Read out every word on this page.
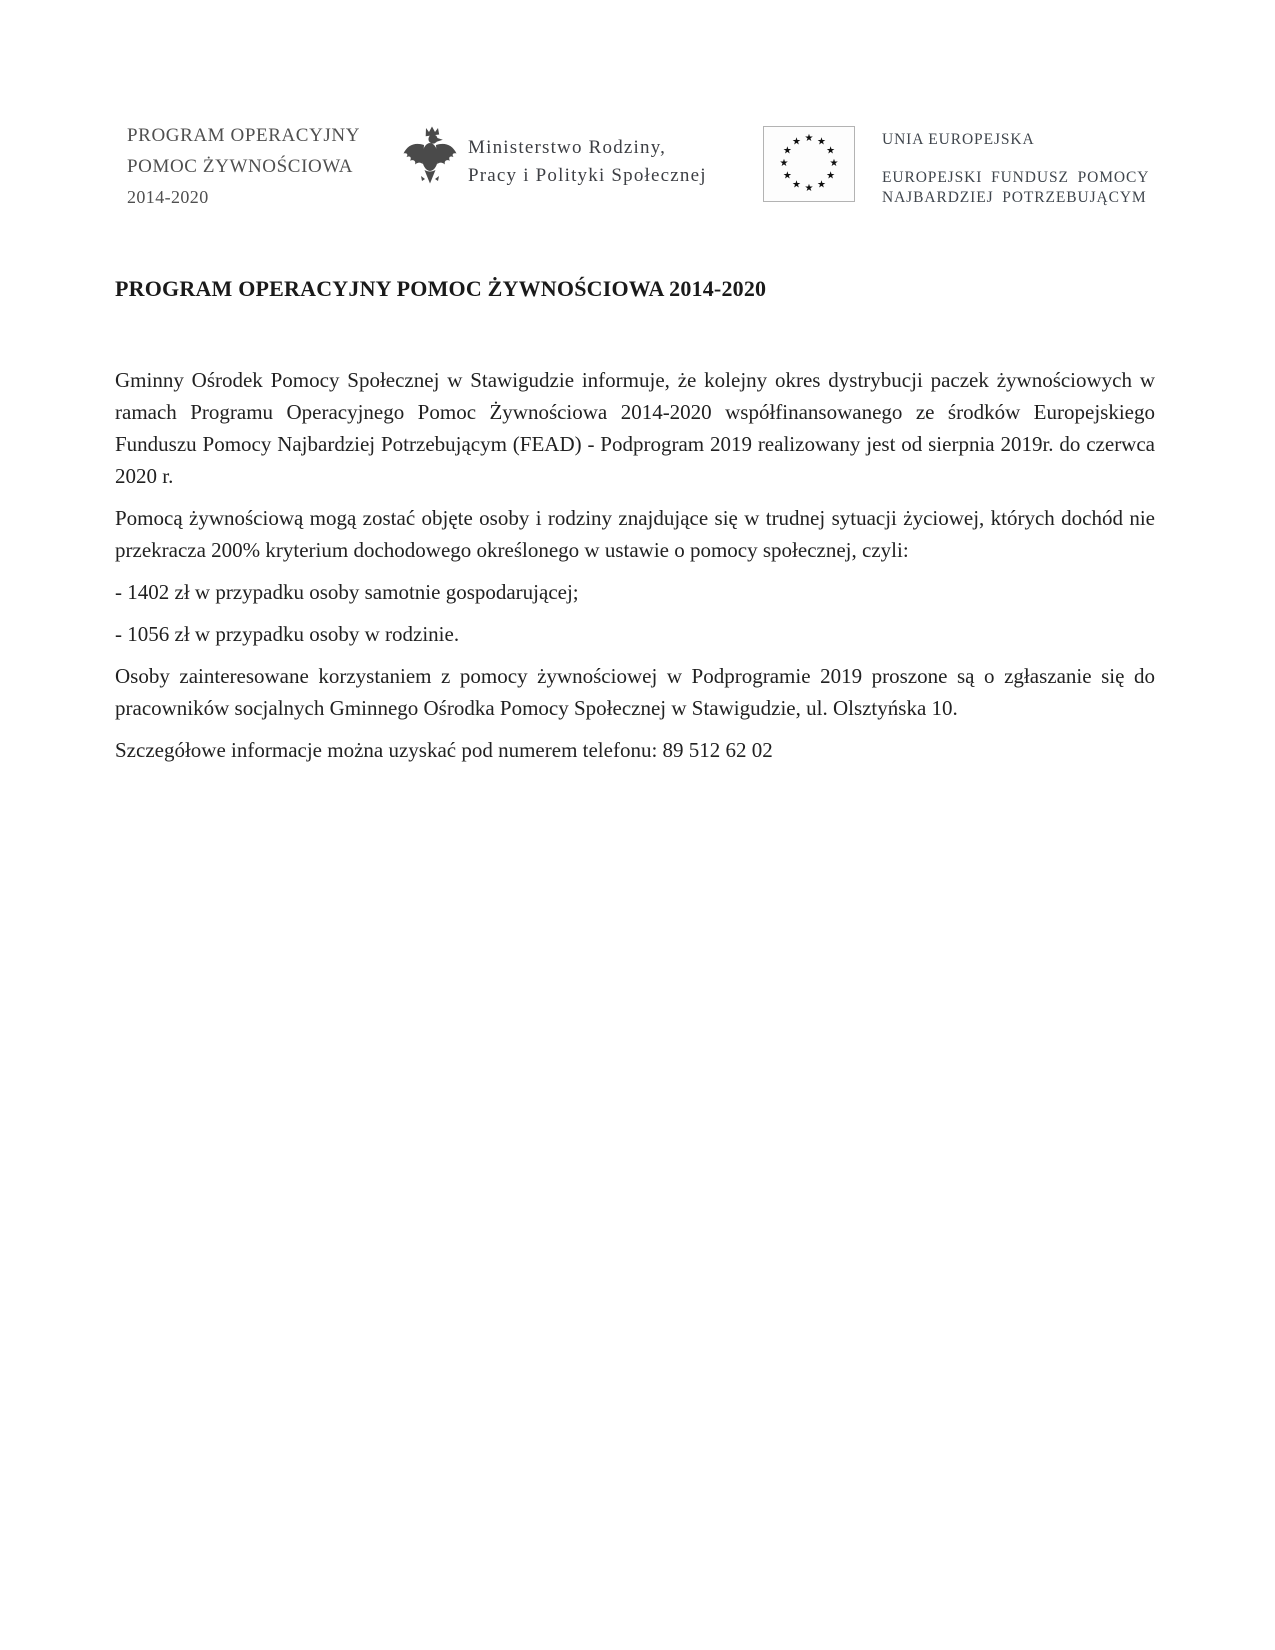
PROGRAM OPERACYJNY
POMOC ŻYWNOŚCIOWA
2014-2020
Ministerstwo Rodziny,
Pracy i Polityki Społecznej
★ ★
★
★
★
★
★
★
★
★
★
★	UNIA EUROPEJSKA
EUROPEJSKI FUNDUSZ POMOCY
NAJBARDZIEJ POTRZEBUJĄCYM
PROGRAM OPERACYJNY POMOC ŻYWNOŚCIOWA 2014-2020

Gminny Ośrodek Pomocy Społecznej w Stawigudzie informuje, że kolejny okres dystrybucji paczek żywnościowych w ramach Programu Operacyjnego Pomoc Żywnościowa 2014-2020 współfinansowanego ze środków Europejskiego Funduszu Pomocy Najbardziej Potrzebującym (FEAD) - Podprogram 2019 realizowany jest od sierpnia 2019r. do czerwca 2020 r.

Pomocą żywnościową mogą zostać objęte osoby i rodziny znajdujące się w trudnej sytuacji życiowej, których dochód nie przekracza 200% kryterium dochodowego określonego w ustawie o pomocy społecznej, czyli:

- 1402 zł w przypadku osoby samotnie gospodarującej;

- 1056 zł w przypadku osoby w rodzinie.

Osoby zainteresowane korzystaniem z pomocy żywnościowej w Podprogramie 2019 proszone są o zgłaszanie się do pracowników socjalnych Gminnego Ośrodka Pomocy Społecznej w Stawigudzie, ul. Olsztyńska 10.

Szczegółowe informacje można uzyskać pod numerem telefonu: 89 512 62 02
